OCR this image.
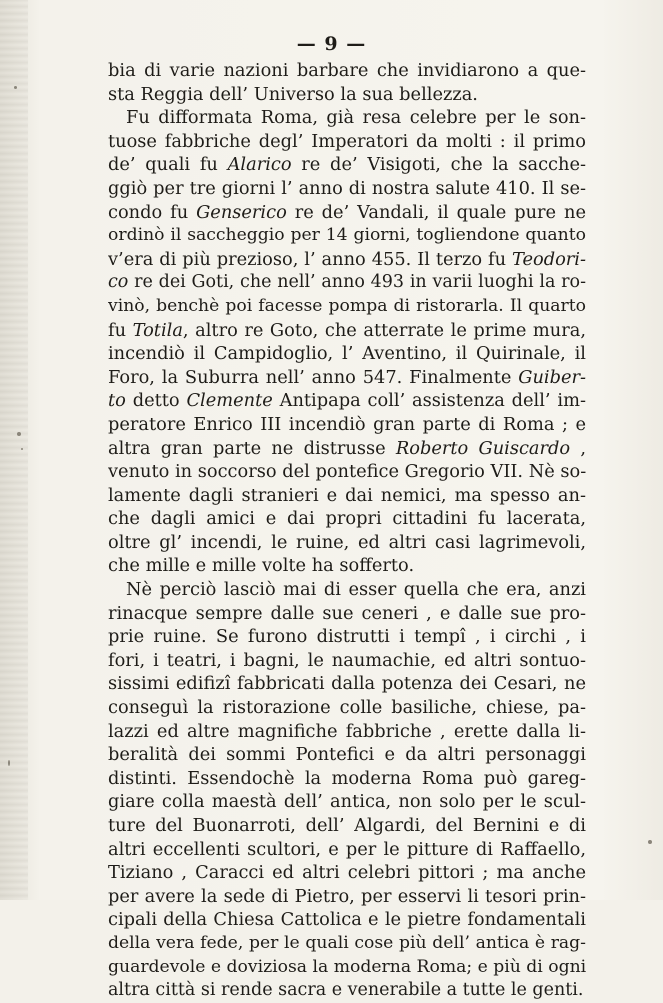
— 9 —
bia di varie nazioni barbare che invidiarono a que-
sta Reggia dell’ Universo la sua bellezza.
Fu difformata Roma, già resa celebre per le son-
tuose fabbriche degl’ Imperatori da molti : il primo
de’ quali fu Alarico re de’ Visigoti, che la sacche-
ggiò per tre giorni l’ anno di nostra salute 410. Il se-
condo fu Genserico re de’ Vandali, il quale pure ne
ordinò il saccheggio per 14 giorni, togliendone quanto
v’era di più prezioso, l’ anno 455. Il terzo fu Teodori-
co re dei Goti, che nell’ anno 493 in varii luoghi la ro-
vinò, benchè poi facesse pompa di ristorarla. Il quarto
fu Totila, altro re Goto, che atterrate le prime mura,
incendiò il Campidoglio, l’ Aventino, il Quirinale, il
Foro, la Suburra nell’ anno 547. Finalmente Guiber-
to detto Clemente Antipapa coll’ assistenza dell’ im-
peratore Enrico III incendiò gran parte di Roma ; e
altra gran parte ne distrusse Roberto Guiscardo ,
venuto in soccorso del pontefice Gregorio VII. Nè so-
lamente dagli stranieri e dai nemici, ma spesso an-
che dagli amici e dai propri cittadini fu lacerata,
oltre gl’ incendi, le ruine, ed altri casi lagrimevoli,
che mille e mille volte ha sofferto.
Nè perciò lasciò mai di esser quella che era, anzi
rinacque sempre dalle sue ceneri , e dalle sue pro-
prie ruine. Se furono distrutti i tempî , i circhi , i
fori, i teatri, i bagni, le naumachie, ed altri sontuo-
sissimi edifizî fabbricati dalla potenza dei Cesari, ne
conseguì la ristorazione colle basiliche, chiese, pa-
lazzi ed altre magnifiche fabbriche , erette dalla li-
beralità dei sommi Pontefici e da altri personaggi
distinti. Essendochè la moderna Roma può gareg-
giare colla maestà dell’ antica, non solo per le scul-
ture del Buonarroti, dell’ Algardi, del Bernini e di
altri eccellenti scultori, e per le pitture di Raffaello,
Tiziano , Caracci ed altri celebri pittori ; ma anche
per avere la sede di Pietro, per esservi li tesori prin-
cipali della Chiesa Cattolica e le pietre fondamentali
della vera fede, per le quali cose più dell’ antica è rag-
guardevole e doviziosa la moderna Roma; e più di ogni
altra città si rende sacra e venerabile a tutte le genti.
